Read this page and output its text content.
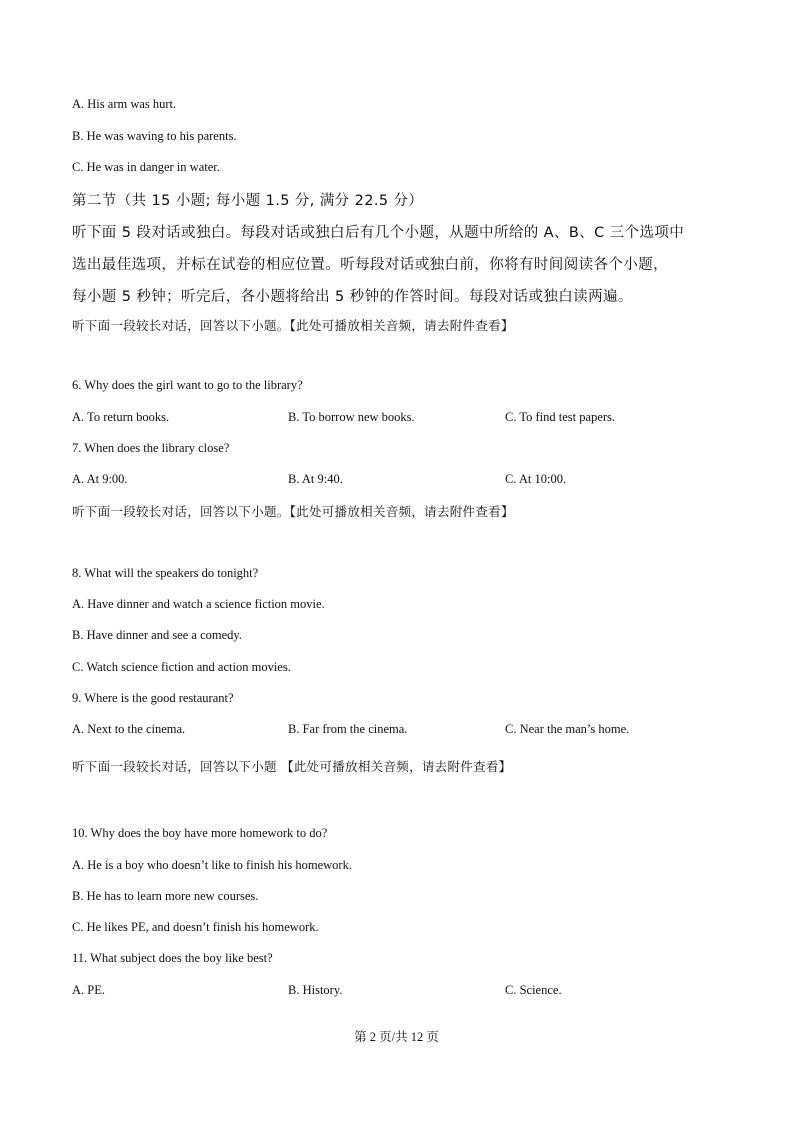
A. His arm was hurt.
B. He was waving to his parents.
C. He was in danger in water.
第二节（共 15 小题; 每小题 1.5 分, 满分 22.5 分）
听下面 5 段对话或独白。每段对话或独白后有几个小题，从题中所给的 A、B、C 三个选项中
选出最佳选项，并标在试卷的相应位置。听每段对话或独白前，你将有时间阅读各个小题，
每小题 5 秒钟；听完后，各小题将给出 5 秒钟的作答时间。每段对话或独白读两遍。
听下面一段较长对话，回答以下小题。【此处可播放相关音频，请去附件查看】
6. Why does the girl want to go to the library?
A. To return books.	B. To borrow new books.	C. To find test papers.
7. When does the library close?
A. At 9:00.	B. At 9:40.	C. At 10:00.
听下面一段较长对话，回答以下小题。【此处可播放相关音频，请去附件查看】
8. What will the speakers do tonight?
A. Have dinner and watch a science fiction movie.
B. Have dinner and see a comedy.
C. Watch science fiction and action movies.
9. Where is the good restaurant?
A. Next to the cinema.	B. Far from the cinema.	C. Near the man’s home.
听下面一段较长对话，回答以下小题 【此处可播放相关音频，请去附件查看】
10. Why does the boy have more homework to do?
A. He is a boy who doesn’t like to finish his homework.
B. He has to learn more new courses.
C. He likes PE, and doesn’t finish his homework.
11. What subject does the boy like best?
A. PE.	B. History.	C. Science.
第 2 页/共 12 页
